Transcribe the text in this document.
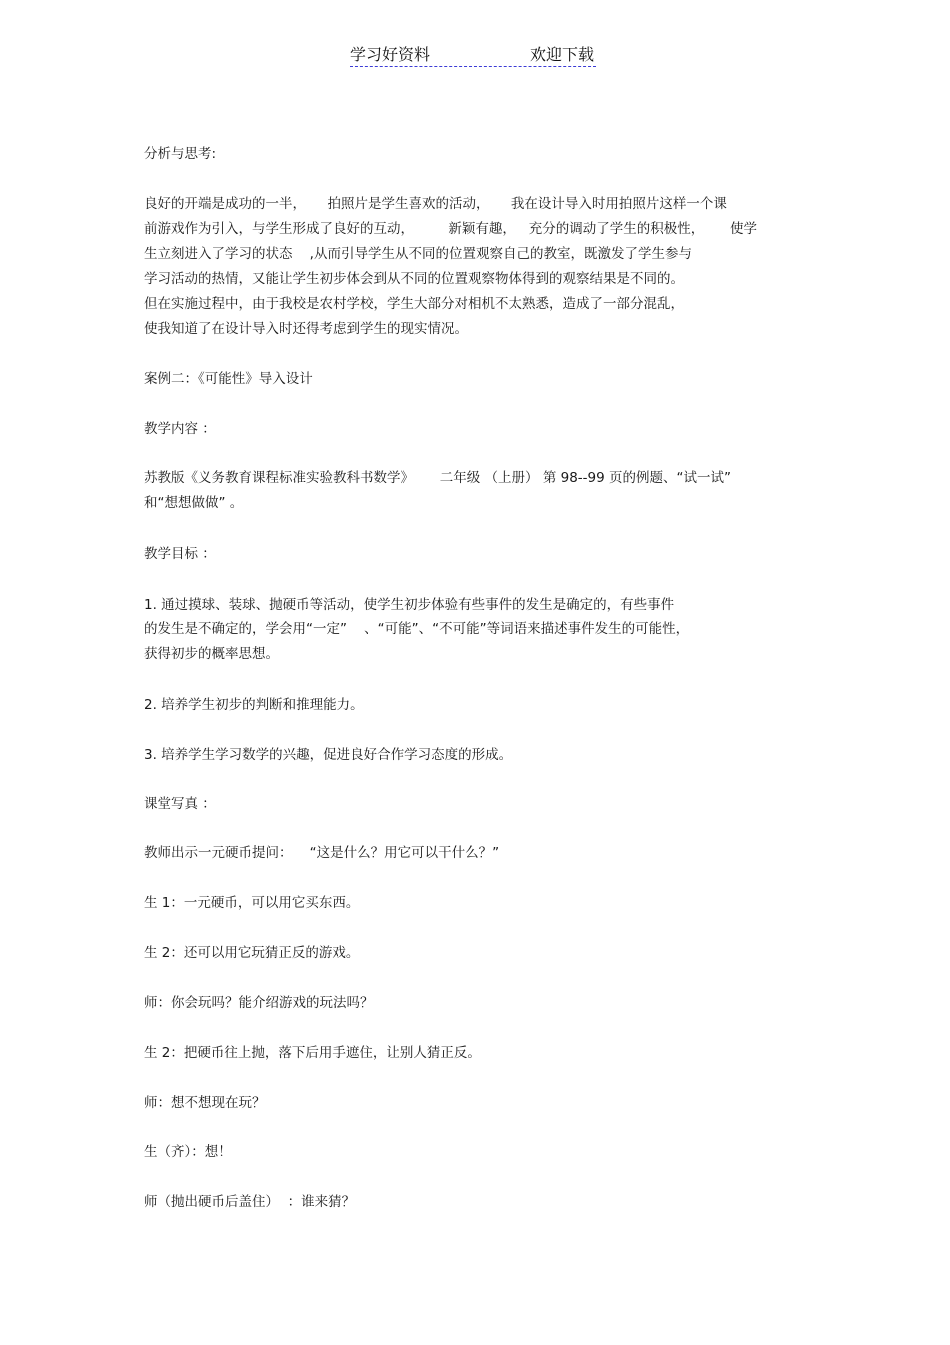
学习好资料	欢迎下载
分析与思考:
良好的开端是成功的一半，     拍照片是学生喜欢的活动，     我在设计导入时用拍照片这样一个课
前游戏作为引入，与学生形成了良好的互动，        新颖有趣，   充分的调动了学生的积极性，      使学
生立刻进入了学习的状态    ,从而引导学生从不同的位置观察自己的教室，既激发了学生参与
学习活动的热情，又能让学生初步体会到从不同的位置观察物体得到的观察结果是不同的。
但在实施过程中，由于我校是农村学校，学生大部分对相机不太熟悉，造成了一部分混乱，
使我知道了在设计导入时还得考虑到学生的现实情况。
案例二：《可能性》导入设计
教学内容 ：
苏教版《义务教育课程标准实验教科书数学》      二年级 （上册） 第 98--99 页的例题、“试一试”
和“想想做做” 。
教学目标 ：
1. 通过摸球、装球、抛硬币等活动，使学生初步体验有些事件的发生是确定的，有些事件
的发生是不确定的，学会用“一定”    、“可能”、“不可能”等词语来描述事件发生的可能性，
获得初步的概率思想。
2. 培养学生初步的判断和推理能力。
3. 培养学生学习数学的兴趣，促进良好合作学习态度的形成。
课堂写真 ：
教师出示一元硬币提问：    “这是什么？用它可以干什么？”
生 1：一元硬币，可以用它买东西。
生 2：还可以用它玩猜正反的游戏。
师：你会玩吗？能介绍游戏的玩法吗？
生 2：把硬币往上抛，落下后用手遮住，让别人猜正反。
师：想不想现在玩？
生（齐）：想！
师（抛出硬币后盖住）  ：谁来猜？
